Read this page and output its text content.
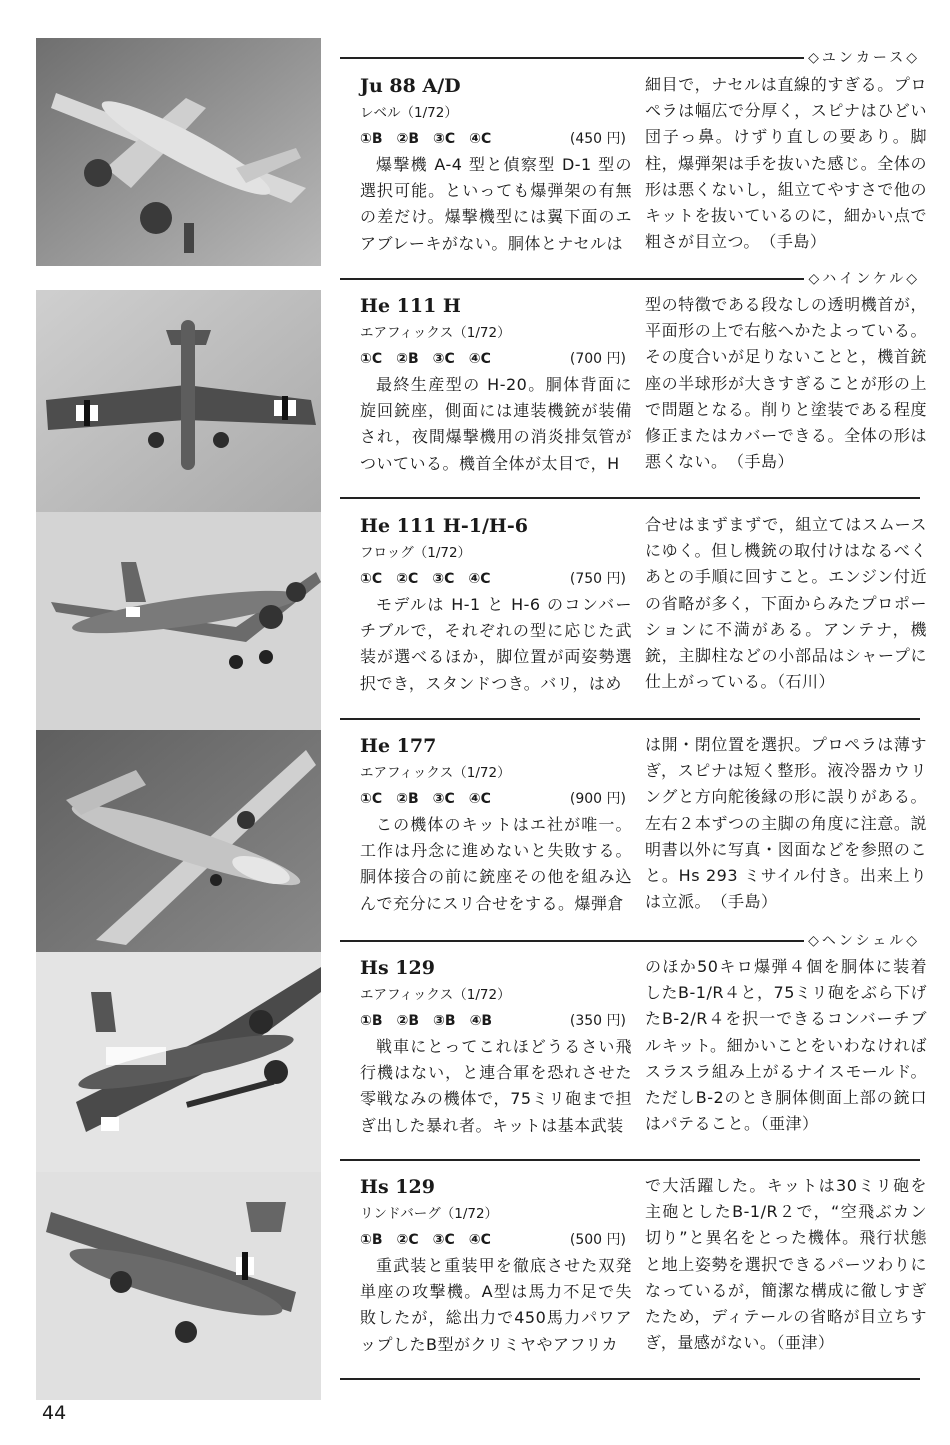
◇ユンカース◇
◇ハインケル◇
◇ヘンシェル◇
Ju 88 A/D
レベル（1/72）
①B　②B　③C　④C	(450 円)
爆撃機 A-4 型と偵察型 D-1 型の選択可能。といっても爆弾架の有無の差だけ。爆撃機型には翼下面のエアブレーキがない。胴体とナセルは
細目で，ナセルは直線的すぎる。プロペラは幅広で分厚く，スピナはひどい団子っ鼻。けずり直しの要あり。脚柱，爆弾架は手を抜いた感じ。全体の形は悪くないし，組立てやすさで他のキットを抜いているのに，細かい点で粗さが目立つ。　（手島）
He 111 H
エアフィックス（1/72）
①C　②B　③C　④C	(700 円)
最終生産型の H-20。胴体背面に旋回銃座，側面には連装機銃が装備され，夜間爆撃機用の消炎排気管がついている。機首全体が太目で，H
型の特徴である段なしの透明機首が，平面形の上で右舷へかたよっている。その度合いが足りないことと，機首銃座の半球形が大きすぎることが形の上で問題となる。削りと塗装である程度修正またはカバーできる。全体の形は悪くない。　（手島）
He 111 H-1/H-6
フロッグ（1/72）
①C　②C　③C　④C	(750 円)
モデルは H-1 と H-6 のコンバーチブルで，それぞれの型に応じた武装が選べるほか，脚位置が両姿勢選択でき，スタンドつき。バリ，はめ
合せはまずまずで，組立てはスムースにゆく。但し機銃の取付けはなるべくあとの手順に回すこと。エンジン付近の省略が多く，下面からみたプロポーションに不満がある。アンテナ，機銃，主脚柱などの小部品はシャープに仕上がっている。（石川）
He 177
エアフィックス（1/72）
①C　②B　③C　④C	(900 円)
この機体のキットはエ社が唯一。工作は丹念に進めないと失敗する。胴体接合の前に銃座その他を組み込んで充分にスリ合せをする。爆弾倉
は開・閉位置を選択。プロペラは薄すぎ，スピナは短く整形。液冷器カウリングと方向舵後縁の形に誤りがある。左右２本ずつの主脚の角度に注意。説明書以外に写真・図面などを参照のこと。Hs 293 ミサイル付き。出来上りは立派。　（手島）
Hs 129
エアフィックス（1/72）
①B　②B　③B　④B	(350 円)
戦車にとってこれほどうるさい飛行機はない，と連合軍を恐れさせた零戦なみの機体で，75ミリ砲まで担ぎ出した暴れ者。キットは基本武装
のほか50キロ爆弾４個を胴体に装着したB-1/R４と，75ミリ砲をぶら下げたB-2/R４を択一できるコンバーチブルキット。細かいことをいわなければスラスラ組み上がるナイスモールド。ただしB-2のとき胴体側面上部の銃口はパテること。（亜津）
Hs 129
リンドバーグ（1/72）
①B　②C　③C　④C	(500 円)
重武装と重装甲を徹底させた双発単座の攻撃機。A型は馬力不足で失敗したが，総出力で450馬力パワアップしたB型がクリミヤやアフリカ
で大活躍した。キットは30ミリ砲を主砲としたB-1/R２で，“空飛ぶカン切り”と異名をとった機体。飛行状態と地上姿勢を選択できるパーツわりになっているが，簡潔な構成に徹しすぎたため，ディテールの省略が目立ちすぎ，量感がない。（亜津）
44
